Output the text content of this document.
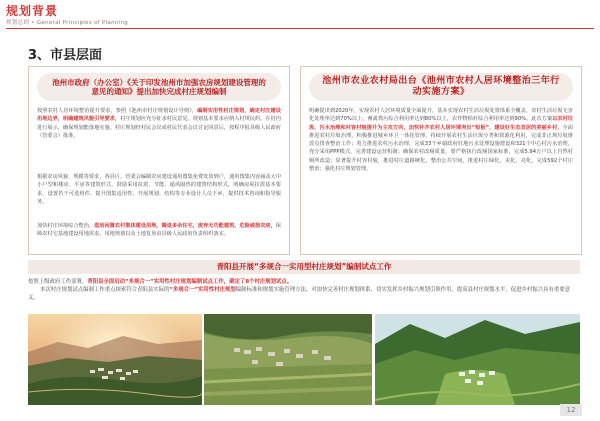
规划背景
规划总则 • General Principles of Planning
3、市县层面
池州市政府（办公室）《关于印发池州市加强农房规划建设管理的意见的通知》提出加快完成村庄规划编制
按照农村人居环境整治提升要求，参照《池州市村庄规划设计导则》，编制实用性村庄规划，确定村庄建设用地边界，明确建筑风貌引导要求，村庄规划应充分征求村民意见，规划基本要求应纳入村规民约，在村内进行展示，确保规划能落地实施。村庄规划经村民会议或村民代表会议讨论同意后，按程序报县级人民政府（管委会）批准。
根据农房风貌、规模等要求，各县区、管委会编制农房建设通用图集免费发放到户，通用图集内容涵盖大中小户型和楼房、平房等建筑形式，鼓励采用抗震、节能、通风隔热的建筑结构形式，明确房屋抗震基本要求，设置若干可选组件，提升图集适用性。开展规划、结构等专业设计人员下乡，提供技术咨询和指导服务。
加快村庄环境综合整治，盘活闲置农村集体建设用地，腾退多余住宅，废弃无功能建筑、危险破损农房，保障农村宅基地建设用地需求。用地规划以及土地复垦由县级人民政府负责组织落实。
池州市农业农村局出台《池州市农村人居环境整治三年行动实施方案》
明确提出到2020年，实现农村人居环境质量全面提升，基本实现农村生活垃圾处置体系全覆盖，农村生活垃圾无害化处理率达到70%以上，畜禽粪污综合利用率达到80%以上，农作物秸秆综合利用率达到90%。此次方案以农村垃圾、污水治理和村容村貌提升为主攻方向，加快补齐农村人居环境突出“短板”，建设好生态宜居的美丽乡村，全面推进农村垃圾治理，积极推进城乡环卫一体化管理，持续开展农村生活垃圾分类和资源化利用，完成非正规垃圾堆放点排查整治工作；着力推进农村污水治理，完成33个乡镇政府驻地污水处理设施建设和321个中心村污水治理，充分采用PPP模式，完善建设运营机制；确保农村改厕质量，要严格执行改厕国家标准，完成5.94万户以上自然村厕所改造；显著提升村容村貌，推进村庄道路硬化，整治公共空间，推进村庄绿化、美化、亮化，完成592个村庄整治；强化村庄规划管理。
青阳县开展“多规合一实用型村庄规划”编制试点工作
按照上级政府工作部署，青阳县全面启动“多规合一”实用性村庄规划编制试点工作，确定了8个村庄规划试点。
本次村庄规划试点编制工作重点探索符合青阳县实际的“多规合一”实用性村庄规划编制标准和规划实施管理方法，对加快完善村庄规划体系，切实发挥乡村振兴规划引领作用，提高县村庄规划水平，促进乡村振兴具有重要意义。
12
